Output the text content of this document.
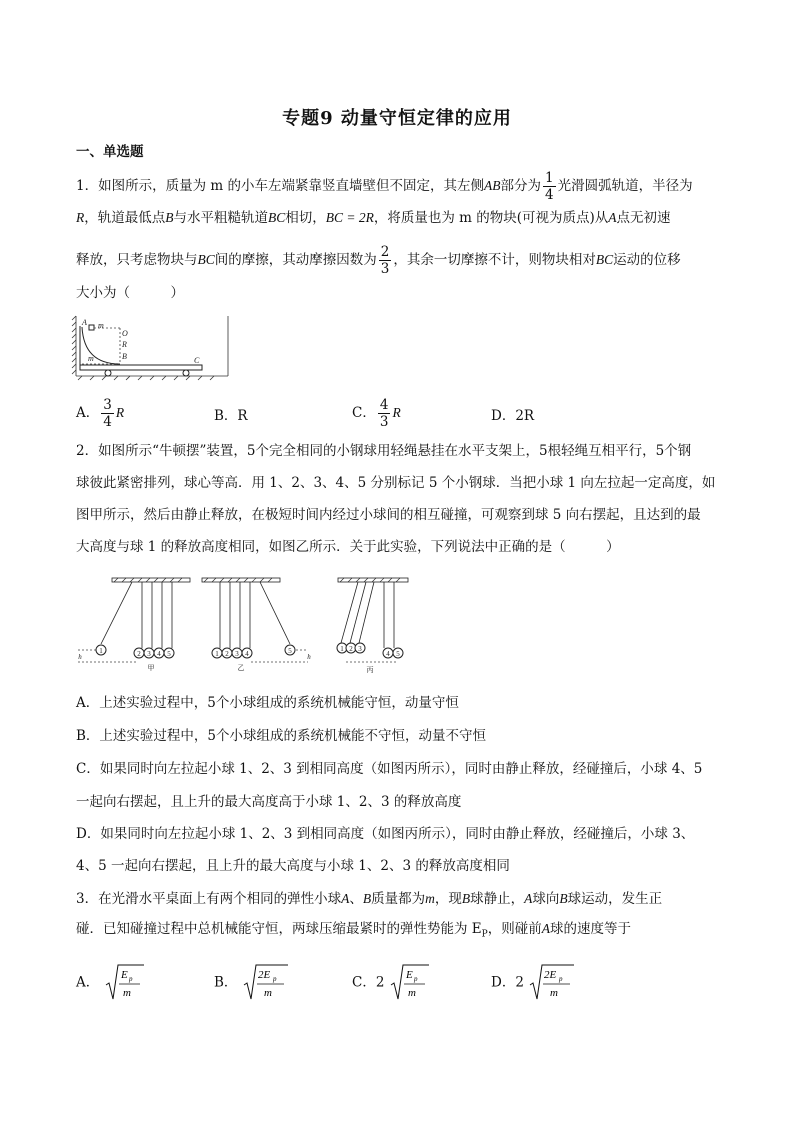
专题9 动量守恒定律的应用
一、单选题
1．如图所示，质量为 m 的小车左端紧靠竖直墙壁但不固定，其左侧AB部分为 $\frac{1}{4}$ 光滑圆弧轨道，半径为
R，轨道最低点B与水平粗糙轨道BC相切，BC = 2R，将质量也为 m 的物块(可视为质点)从A点无初速
释放，只考虑物块与BC间的摩擦，其动摩擦因数为 $\frac{2}{3}$ ，其余一切摩擦不计，则物块相对BC运动的位移
大小为（　　　）
A m
O
R
B
m	C
A． $\frac{3}{4}$ R	B．R	C． $\frac{4}{3}$ R	D．2R
2．如图所示“牛顿摆”装置，5个完全相同的小钢球用轻绳悬挂在水平支架上，5根轻绳互相平行，5个钢
球彼此紧密排列，球心等高．用 1、2、3、4、5 分别标记 5 个小钢球．当把小球 1 向左拉起一定高度，如
图甲所示，然后由静止释放，在极短时间内经过小球间的相互碰撞，可观察到球 5 向右摆起，且达到的最
大高度与球 1 的释放高度相同，如图乙所示．关于此实验，下列说法中正确的是（　　　）
1	2 3 4 5
h
甲
1 2 3 4	5
h
乙
1 2 3
4 5
丙
A．上述实验过程中，5个小球组成的系统机械能守恒，动量守恒
B．上述实验过程中，5个小球组成的系统机械能不守恒，动量不守恒
C．如果同时向左拉起小球 1、2、3 到相同高度（如图丙所示），同时由静止释放，经碰撞后，小球 4、5
一起向右摆起，且上升的最大高度高于小球 1、2、3 的释放高度
D．如果同时向左拉起小球 1、2、3 到相同高度（如图丙所示），同时由静止释放，经碰撞后，小球 3、
4、5 一起向右摆起，且上升的最大高度与小球 1、2、3 的释放高度相同
3．在光滑水平桌面上有两个相同的弹性小球A、B质量都为m，现B球静止，A球向B球运动，发生正
碰．已知碰撞过程中总机械能守恒，两球压缩最紧时的弹性势能为 $E_P$，则碰前A球的速度等于
A． E p
m
B． 2E p
m
C．2 E p
m
D．2 2E p
m
